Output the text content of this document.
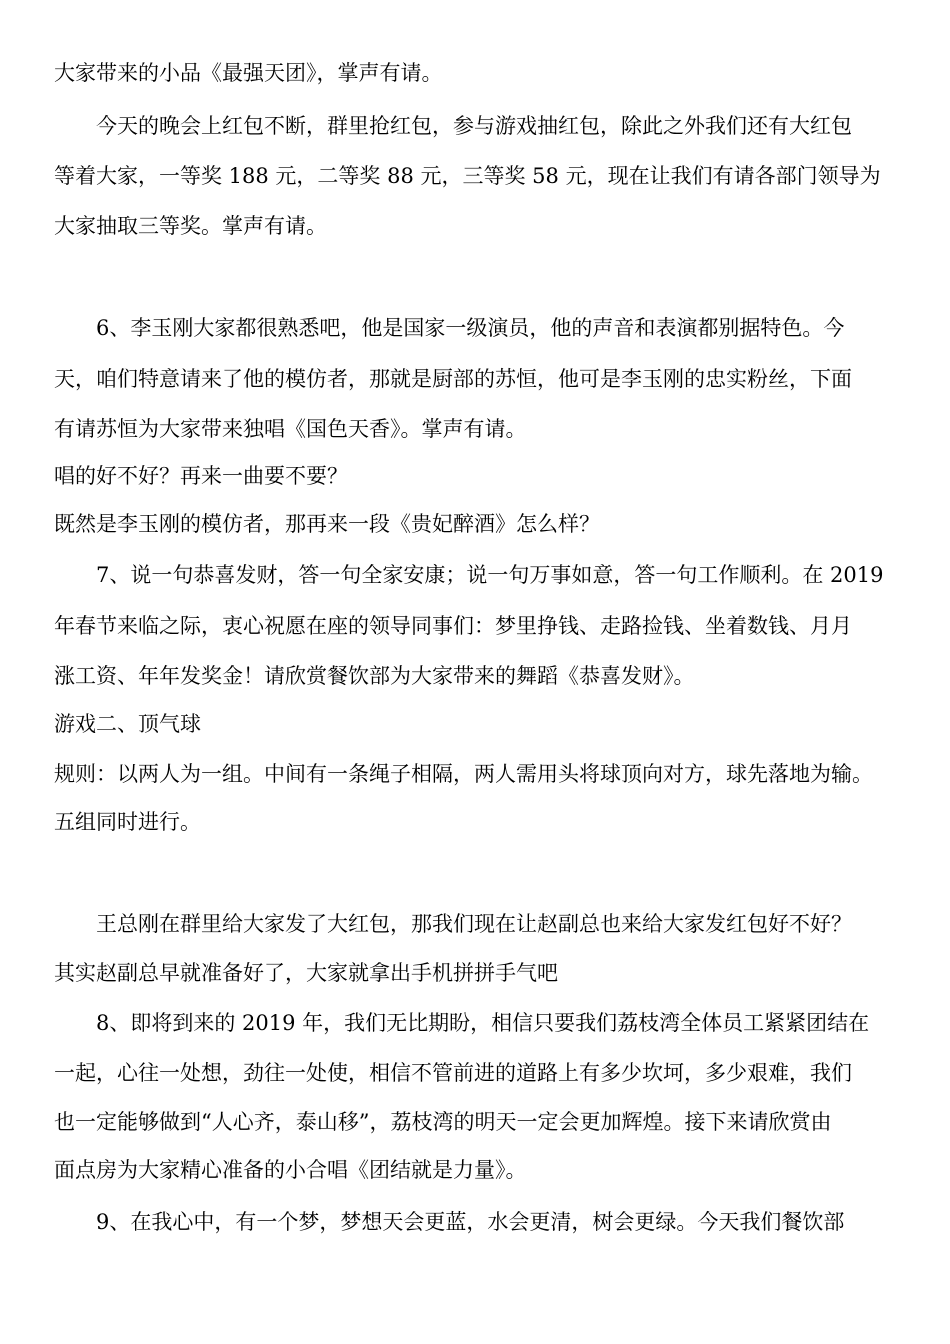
大家带来的小品《最强天团》，掌声有请。
今天的晚会上红包不断，群里抢红包，参与游戏抽红包，除此之外我们还有大红包
等着大家，一等奖 188 元，二等奖 88 元，三等奖 58 元，现在让我们有请各部门领导为
大家抽取三等奖。掌声有请。
6、李玉刚大家都很熟悉吧，他是国家一级演员，他的声音和表演都别据特色。今
天，咱们特意请来了他的模仿者，那就是厨部的苏恒，他可是李玉刚的忠实粉丝，下面
有请苏恒为大家带来独唱《国色天香》。掌声有请。
唱的好不好？再来一曲要不要？
既然是李玉刚的模仿者，那再来一段《贵妃醉酒》怎么样？
7、说一句恭喜发财，答一句全家安康；说一句万事如意，答一句工作顺利。在 2019
年春节来临之际，衷心祝愿在座的领导同事们：梦里挣钱、走路捡钱、坐着数钱、月月
涨工资、年年发奖金！请欣赏餐饮部为大家带来的舞蹈《恭喜发财》。
游戏二、顶气球
规则：以两人为一组。中间有一条绳子相隔，两人需用头将球顶向对方，球先落地为输。
五组同时进行。
王总刚在群里给大家发了大红包，那我们现在让赵副总也来给大家发红包好不好？
其实赵副总早就准备好了，大家就拿出手机拼拼手气吧
8、即将到来的 2019 年，我们无比期盼，相信只要我们荔枝湾全体员工紧紧团结在
一起，心往一处想，劲往一处使，相信不管前进的道路上有多少坎坷，多少艰难，我们
也一定能够做到“人心齐，泰山移”，荔枝湾的明天一定会更加辉煌。接下来请欣赏由
面点房为大家精心准备的小合唱《团结就是力量》。
9、在我心中，有一个梦，梦想天会更蓝，水会更清，树会更绿。今天我们餐饮部
